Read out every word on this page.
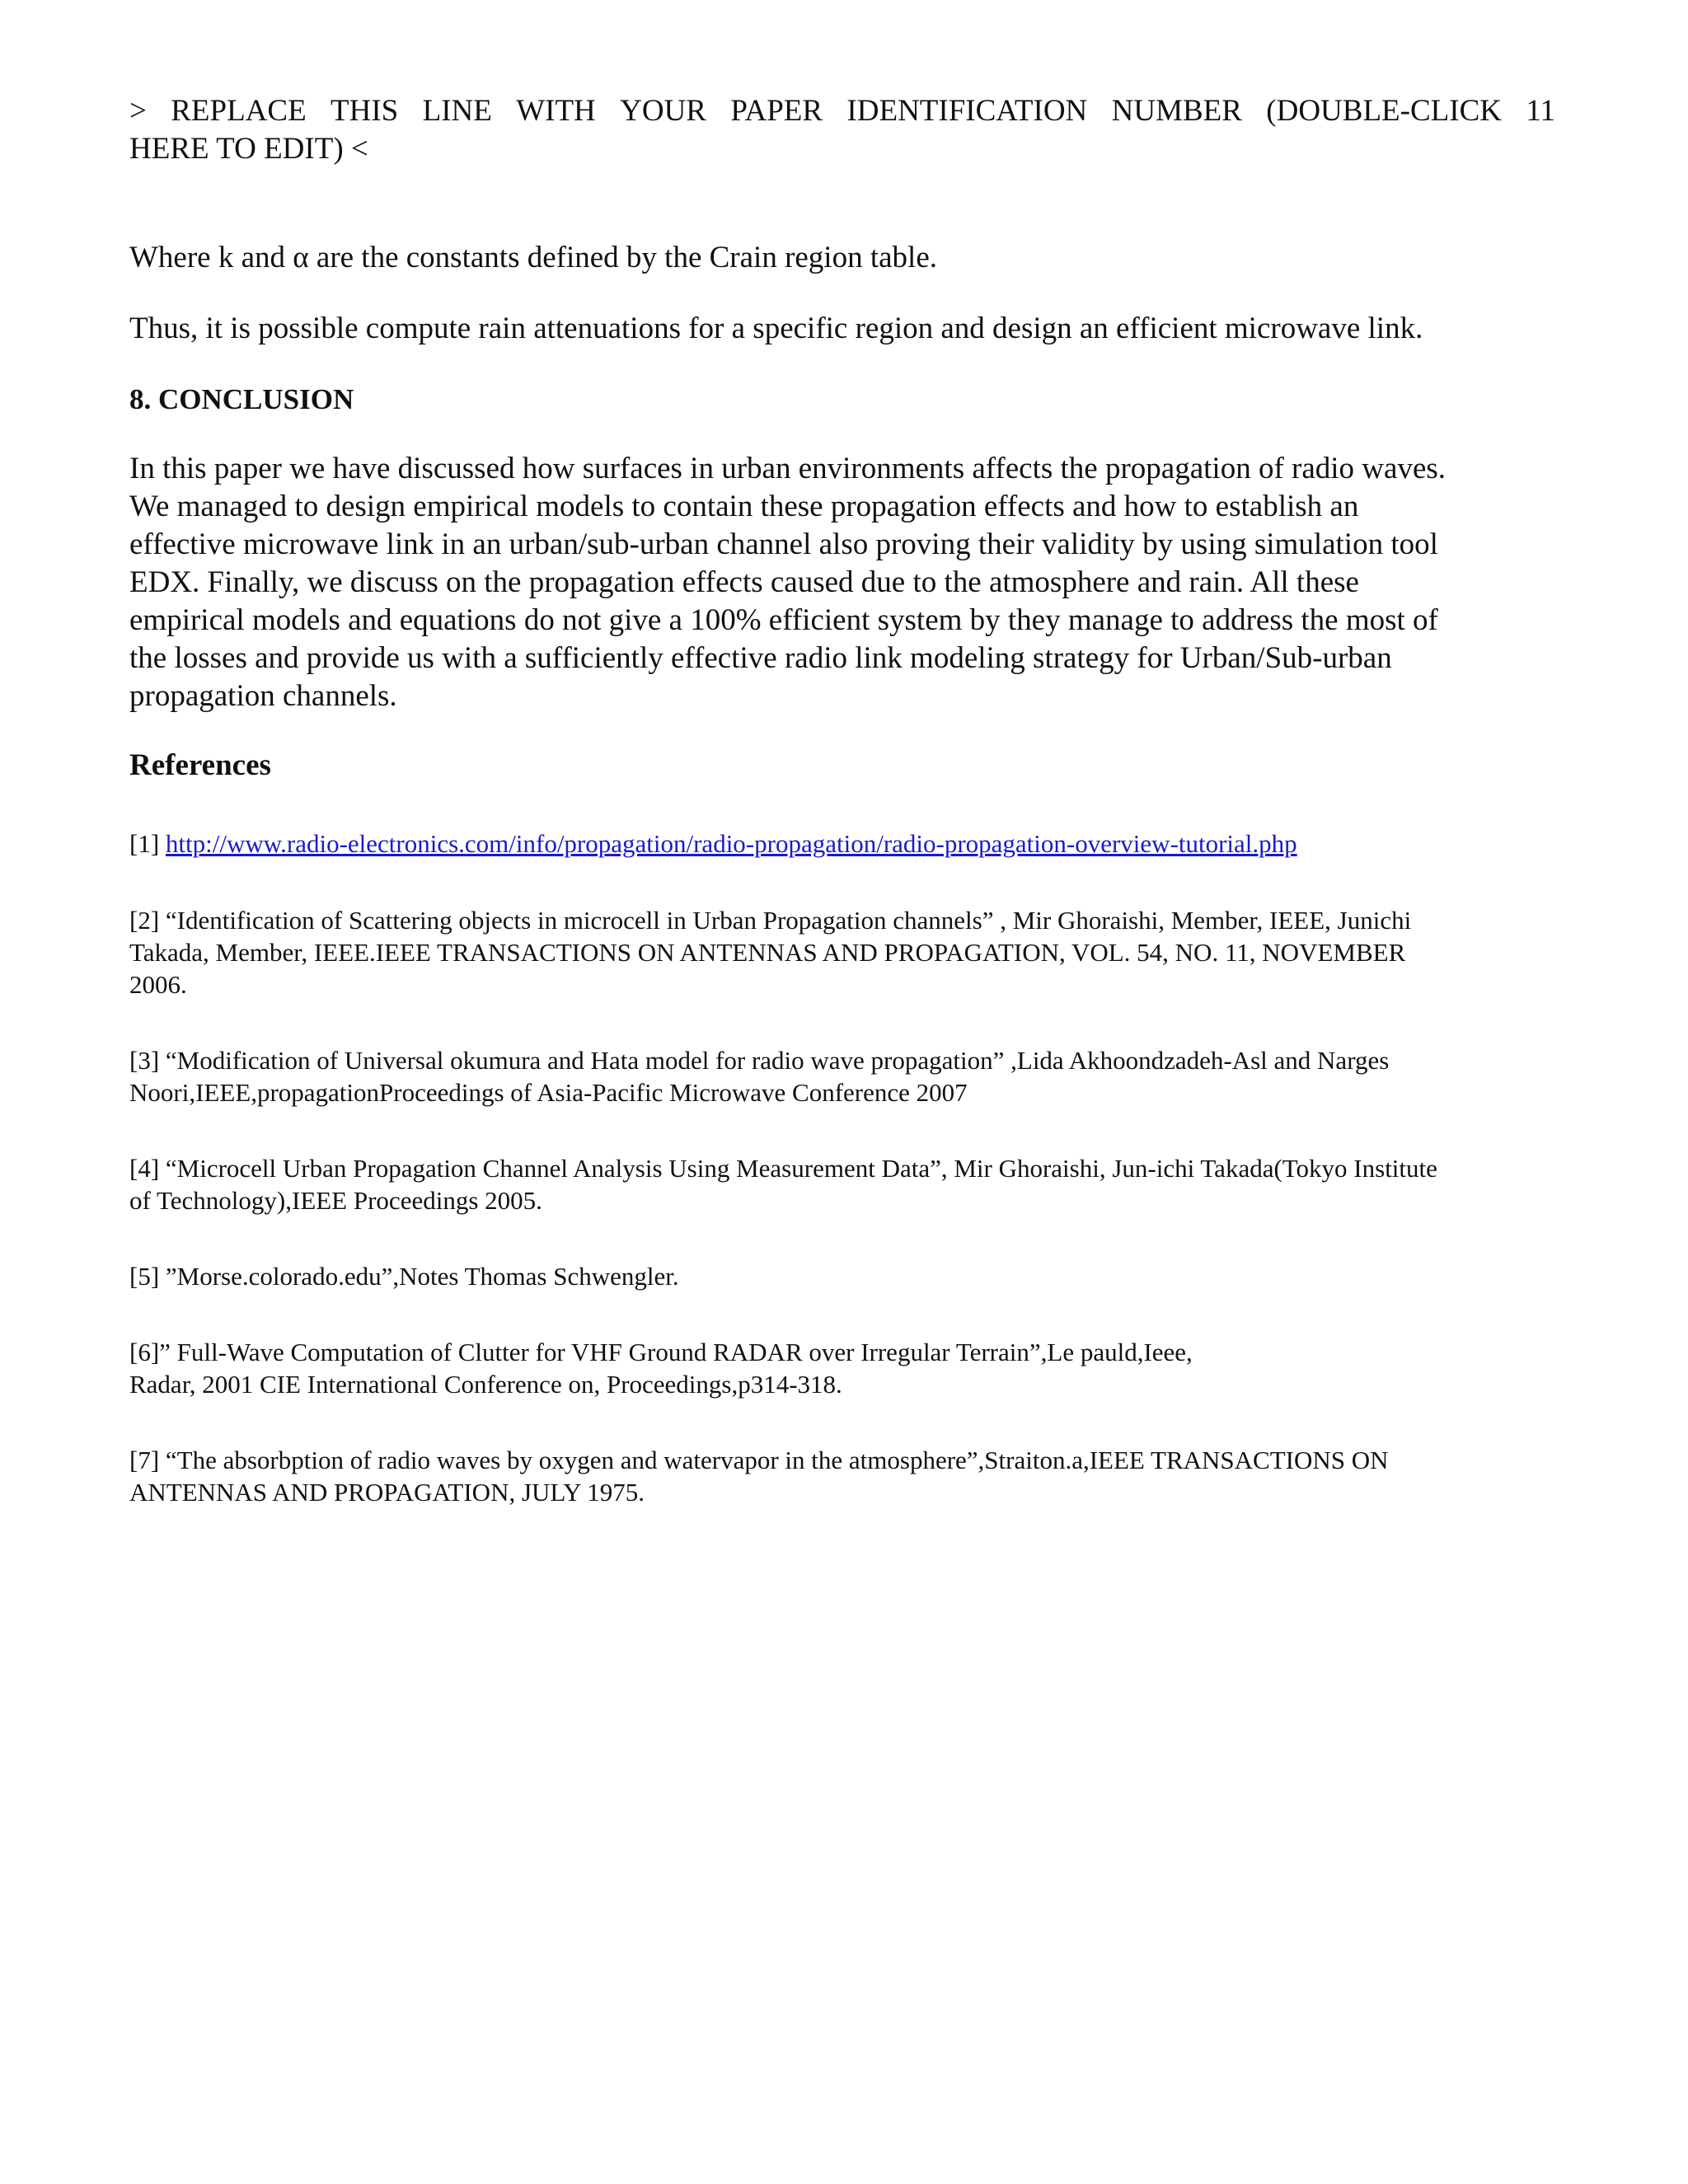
> REPLACE THIS LINE WITH YOUR PAPER IDENTIFICATION NUMBER (DOUBLE-CLICK 11
HERE TO EDIT) <
Where k and α are the constants defined by the Crain region table.
Thus, it is possible compute rain attenuations for a specific region and design an efficient microwave link.
8. CONCLUSION
In this paper we have discussed how surfaces in urban environments affects the propagation of radio waves.
We managed to design empirical models to contain these propagation effects and how to establish an
effective microwave link in an urban/sub-urban channel also proving their validity by using simulation tool
EDX. Finally, we discuss on the propagation effects caused due to the atmosphere and rain. All these
empirical models and equations do not give a 100% efficient system by they manage to address the most of
the losses and provide us with a sufficiently effective radio link modeling strategy for Urban/Sub-urban
propagation channels.
References
[1] http://www.radio-electronics.com/info/propagation/radio-propagation/radio-propagation-overview-tutorial.php
[2] “Identification of Scattering objects in microcell in Urban Propagation channels” , Mir Ghoraishi, Member, IEEE, Junichi
Takada, Member, IEEE.IEEE TRANSACTIONS ON ANTENNAS AND PROPAGATION, VOL. 54, NO. 11, NOVEMBER
2006.
[3] “Modification of Universal okumura and Hata model for radio wave propagation” ,Lida Akhoondzadeh-Asl and Narges
Noori,IEEE,propagationProceedings of Asia-Pacific Microwave Conference 2007
[4] “Microcell Urban Propagation Channel Analysis Using Measurement Data”, Mir Ghoraishi, Jun-ichi Takada(Tokyo Institute
of Technology),IEEE Proceedings 2005.
[5] ”Morse.colorado.edu”,Notes Thomas Schwengler.
[6]” Full-Wave Computation of Clutter for VHF Ground RADAR over Irregular Terrain”,Le pauld,Ieee,
Radar, 2001 CIE International Conference on, Proceedings,p314-318.
[7] “The absorbption of radio waves by oxygen and watervapor in the atmosphere”,Straiton.a,IEEE TRANSACTIONS ON
ANTENNAS AND PROPAGATION, JULY 1975.
